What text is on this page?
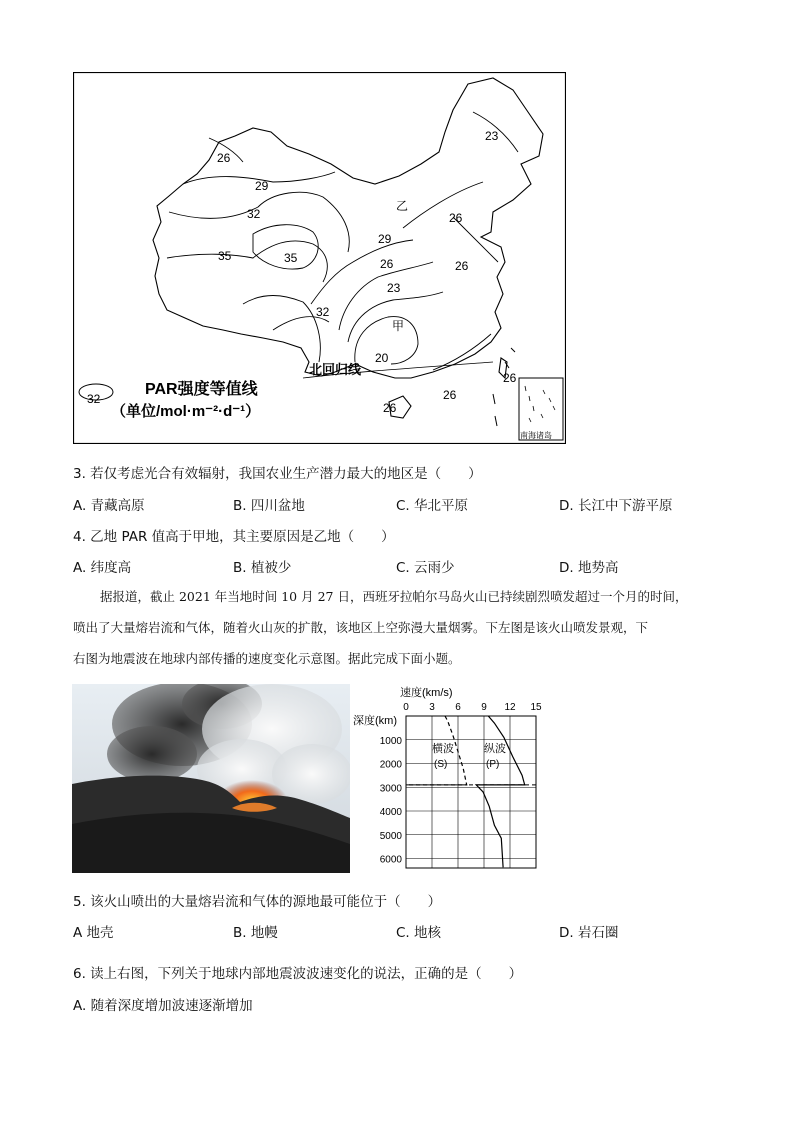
26
29
32
35	35
32
29
26
23
20
23
26
26
26
26
26
乙
甲
北回归线
南海诸岛
32
PAR强度等值线
（单位/mol·m⁻²·d⁻¹）
3. 若仅考虑光合有效辐射，我国农业生产潜力最大的地区是（　　）
A. 青藏高原	B. 四川盆地	C. 华北平原	D. 长江中下游平原
4. 乙地 PAR 值高于甲地，其主要原因是乙地（　　）
A. 纬度高	B. 植被少	C. 云雨少	D. 地势高
据报道，截止 2021 年当地时间 10 月 27 日，西班牙拉帕尔马岛火山已持续剧烈喷发超过一个月的时间，
喷出了大量熔岩流和气体，随着火山灰的扩散，该地区上空弥漫大量烟雾。下左图是该火山喷发景观，下
右图为地震波在地球内部传播的速度变化示意图。据此完成下面小题。
速度(km/s)
深度(km)
横波
(S)
纵波
(P)
0 3 6 9 12 15
1000
2000
3000
4000
5000
6000
5. 该火山喷出的大量熔岩流和气体的源地最可能位于（　　）
A 地壳	B. 地幔	C. 地核	D. 岩石圈
6. 读上右图，下列关于地球内部地震波波速变化的说法，正确的是（　　）
A. 随着深度增加波速逐渐增加
